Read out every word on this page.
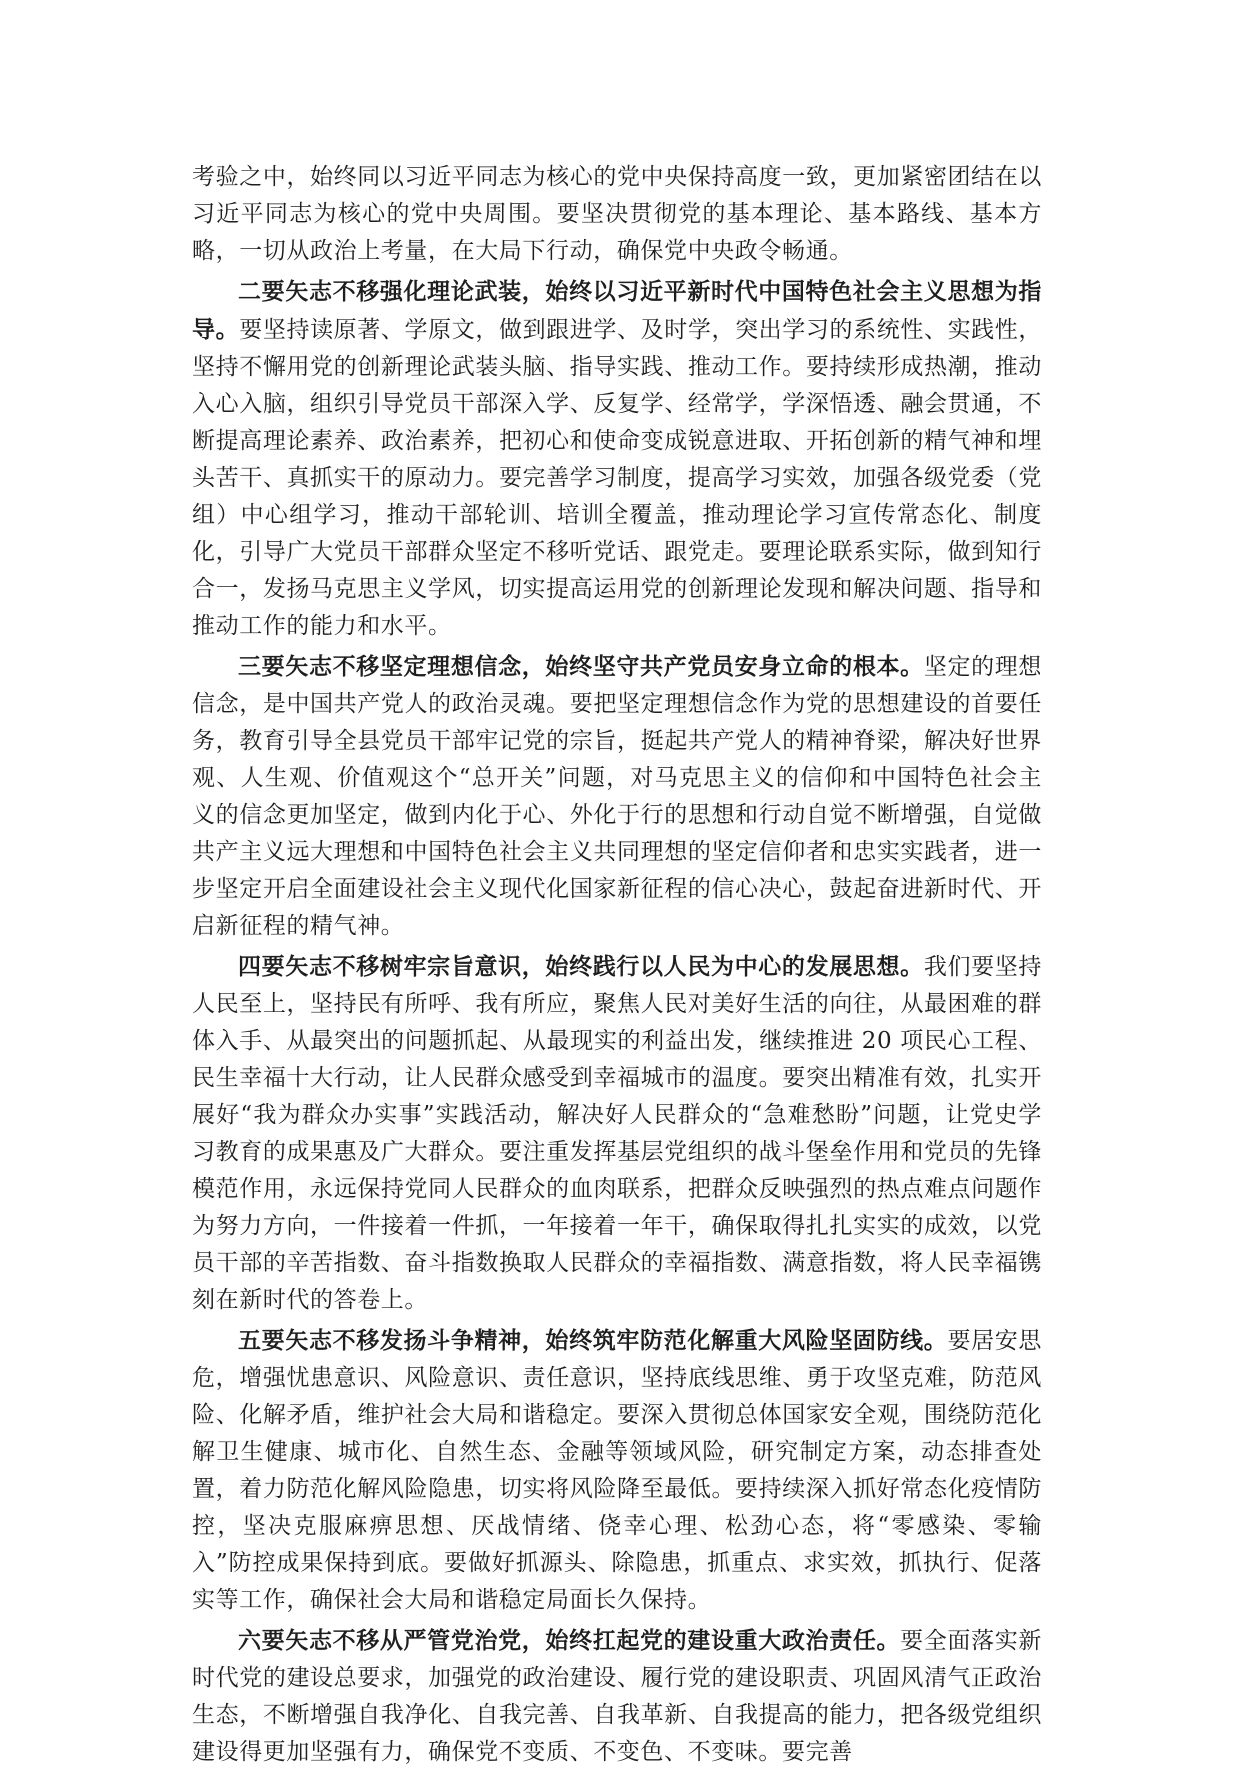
考验之中，始终同以习近平同志为核心的党中央保持高度一致，更加紧密团结在以习近平同志为核心的党中央周围。要坚决贯彻党的基本理论、基本路线、基本方略，一切从政治上考量，在大局下行动，确保党中央政令畅通。

二要矢志不移强化理论武装，始终以习近平新时代中国特色社会主义思想为指导。要坚持读原著、学原文，做到跟进学、及时学，突出学习的系统性、实践性，坚持不懈用党的创新理论武装头脑、指导实践、推动工作。要持续形成热潮，推动入心入脑，组织引导党员干部深入学、反复学、经常学，学深悟透、融会贯通，不断提高理论素养、政治素养，把初心和使命变成锐意进取、开拓创新的精气神和埋头苦干、真抓实干的原动力。要完善学习制度，提高学习实效，加强各级党委（党组）中心组学习，推动干部轮训、培训全覆盖，推动理论学习宣传常态化、制度化，引导广大党员干部群众坚定不移听党话、跟党走。要理论联系实际，做到知行合一，发扬马克思主义学风，切实提高运用党的创新理论发现和解决问题、指导和推动工作的能力和水平。

三要矢志不移坚定理想信念，始终坚守共产党员安身立命的根本。坚定的理想信念，是中国共产党人的政治灵魂。要把坚定理想信念作为党的思想建设的首要任务，教育引导全县党员干部牢记党的宗旨，挺起共产党人的精神脊梁，解决好世界观、人生观、价值观这个“总开关”问题，对马克思主义的信仰和中国特色社会主义的信念更加坚定，做到内化于心、外化于行的思想和行动自觉不断增强，自觉做共产主义远大理想和中国特色社会主义共同理想的坚定信仰者和忠实实践者，进一步坚定开启全面建设社会主义现代化国家新征程的信心决心，鼓起奋进新时代、开启新征程的精气神。

四要矢志不移树牢宗旨意识，始终践行以人民为中心的发展思想。我们要坚持人民至上，坚持民有所呼、我有所应，聚焦人民对美好生活的向往，从最困难的群体入手、从最突出的问题抓起、从最现实的利益出发，继续推进 20 项民心工程、民生幸福十大行动，让人民群众感受到幸福城市的温度。要突出精准有效，扎实开展好“我为群众办实事”实践活动，解决好人民群众的“急难愁盼”问题，让党史学习教育的成果惠及广大群众。要注重发挥基层党组织的战斗堡垒作用和党员的先锋模范作用，永远保持党同人民群众的血肉联系，把群众反映强烈的热点难点问题作为努力方向，一件接着一件抓，一年接着一年干，确保取得扎扎实实的成效，以党员干部的辛苦指数、奋斗指数换取人民群众的幸福指数、满意指数，将人民幸福镌刻在新时代的答卷上。

五要矢志不移发扬斗争精神，始终筑牢防范化解重大风险坚固防线。要居安思危，增强忧患意识、风险意识、责任意识，坚持底线思维、勇于攻坚克难，防范风险、化解矛盾，维护社会大局和谐稳定。要深入贯彻总体国家安全观，围绕防范化解卫生健康、城市化、自然生态、金融等领域风险，研究制定方案，动态排查处置，着力防范化解风险隐患，切实将风险降至最低。要持续深入抓好常态化疫情防控，坚决克服麻痹思想、厌战情绪、侥幸心理、松劲心态，将“零感染、零输入”防控成果保持到底。要做好抓源头、除隐患，抓重点、求实效，抓执行、促落实等工作，确保社会大局和谐稳定局面长久保持。

六要矢志不移从严管党治党，始终扛起党的建设重大政治责任。要全面落实新时代党的建设总要求，加强党的政治建设、履行党的建设职责、巩固风清气正政治生态，不断增强自我净化、自我完善、自我革新、自我提高的能力，把各级党组织建设得更加坚强有力，确保党不变质、不变色、不变味。要完善
